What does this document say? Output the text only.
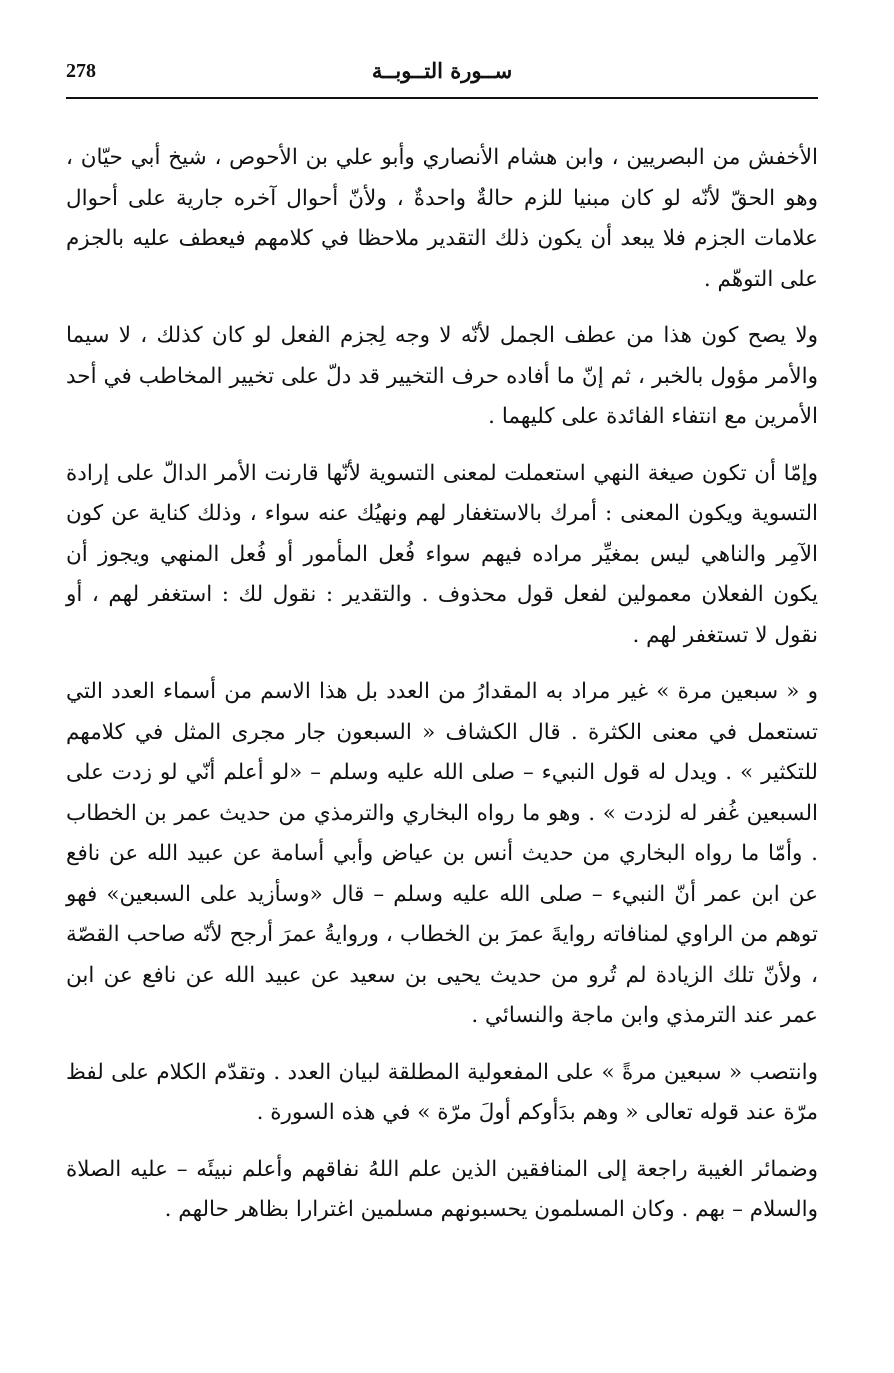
278	ســورة التــوبــة

الأخفش من البصريين ، وابن هشام الأنصاري وأبو علي بن الأحوص ، شيخ أبي حيّان ، وهو الحقّ لأنّه لو كان مبنيا للزم حالةٌ واحدةٌ ، ولأنّ أحوال آخره جارية على أحوال علامات الجزم فلا يبعد أن يكون ذلك التقدير ملاحظا في كلامهم فيعطف عليه بالجزم على التوهّم .

ولا يصح كون هذا من عطف الجمل لأنّه لا وجه لِجزم الفعل لو كان كذلك ، لا سيما والأمر مؤول بالخبر ، ثم إنّ ما أفاده حرف التخيير قد دلّ على تخيير المخاطب في أحد الأمرين مع انتفاء الفائدة على كليهما .

وإمّا أن تكون صيغة النهي استعملت لمعنى التسوية لأنّها قارنت الأمر الدالّ على إرادة التسوية ويكون المعنى : أمرك بالاستغفار لهم ونهيُك عنه سواء ، وذلك كناية عن كون الآمِر والناهي ليس بمغيِّر مراده فيهم سواء فُعل المأمور أو فُعل المنهي ويجوز أن يكون الفعلان معمولين لفعل قول محذوف . والتقدير : نقول لك : استغفر لهم ، أو نقول لا تستغفر لهم .

و « سبعين مرة » غير مراد به المقدارُ من العدد بل هذا الاسم من أسماء العدد التي تستعمل في معنى الكثرة . قال الكشاف « السبعون جار مجرى المثل في كلامهم للتكثير » . ويدل له قول النبيء – صلى الله عليه وسلم – «لو أعلم أنّي لو زدت على السبعين غُفر له لزدت » . وهو ما رواه البخاري والترمذي من حديث عمر بن الخطاب . وأمّا ما رواه البخاري من حديث أنس بن عياض وأبي أسامة عن عبيد الله عن نافع عن ابن عمر أنّ النبيء – صلى الله عليه وسلم – قال «وسأزيد على السبعين» فهو توهم من الراوي لمنافاته روايةَ عمرَ بن الخطاب ، وروايةُ عمرَ أرجح لأنّه صاحب القصّة ، ولأنّ تلك الزيادة لم تُرو من حديث يحيى بن سعيد عن عبيد الله عن نافع عن ابن عمر عند الترمذي وابن ماجة والنسائي .

وانتصب « سبعين مرةً » على المفعولية المطلقة لبيان العدد . وتقدّم الكلام على لفظ مرّة عند قوله تعالى « وهم بدَأوكم أولَ مرّة » في هذه السورة .

وضمائر الغيبة راجعة إلى المنافقين الذين علم اللهُ نفاقهم وأعلم نبيئَه – عليه الصلاة والسلام – بهم . وكان المسلمون يحسبونهم مسلمين اغترارا بظاهر حالهم .
